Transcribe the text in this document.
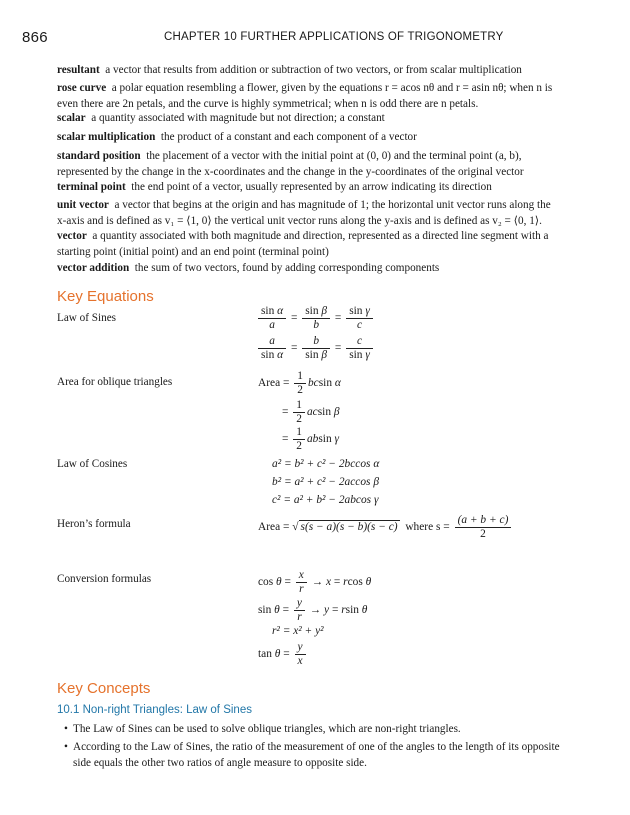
866	CHAPTER 10 FURTHER APPLICATIONS OF TRIGONOMETRY
resultant a vector that results from addition or subtraction of two vectors, or from scalar multiplication
rose curve a polar equation resembling a flower, given by the equations r = acos nθ and r = asin nθ; when n is even there are 2n petals, and the curve is highly symmetrical; when n is odd there are n petals.
scalar a quantity associated with magnitude but not direction; a constant
scalar multiplication the product of a constant and each component of a vector
standard position the placement of a vector with the initial point at (0, 0) and the terminal point (a, b), represented by the change in the x-coordinates and the change in the y-coordinates of the original vector
terminal point the end point of a vector, usually represented by an arrow indicating its direction
unit vector a vector that begins at the origin and has magnitude of 1; the horizontal unit vector runs along the x-axis and is defined as v₁ = ⟨1, 0⟩ the vertical unit vector runs along the y-axis and is defined as v₂ = ⟨0, 1⟩.
vector a quantity associated with both magnitude and direction, represented as a directed line segment with a starting point (initial point) and an end point (terminal point)
vector addition the sum of two vectors, found by adding corresponding components
Key Equations
Law of Sines	$\frac{\text{sin α}}{a} = \frac{\text{sin β}}{b} = \frac{\text{sin γ}}{c}$
$\frac{a}{\text{sin α}} = \frac{b}{\text{sin β}} = \frac{c}{\text{sin γ}}$
Area for oblique triangles	Area = $\frac{1}{2}$ bcsin α
= $\frac{1}{2}$ acsin β
= $\frac{1}{2}$ absin γ
Law of Cosines	a² = b² + c² − 2bccos α
b² = a² + c² − 2accos β
c² = a² + b² − 2abcos γ
Heron’s formula	Area = √ s(s − a)(s − b)(s − c) where $s = \frac{(a + b + c)}{2}$
Conversion formulas	$\cos \theta = \frac{x}{r} \to x = rcos$ θ
$\sin \theta = \frac{y}{r} \to y = rsin$ θ
r² = x² + y²
$\tan \theta = \frac{y}{x}$
Key Concepts
10.1 Non-right Triangles: Law of Sines
• The Law of Sines can be used to solve oblique triangles, which are non-right triangles.
• According to the Law of Sines, the ratio of the measurement of one of the angles to the length of its opposite side equals the other two ratios of angle measure to opposite side.
